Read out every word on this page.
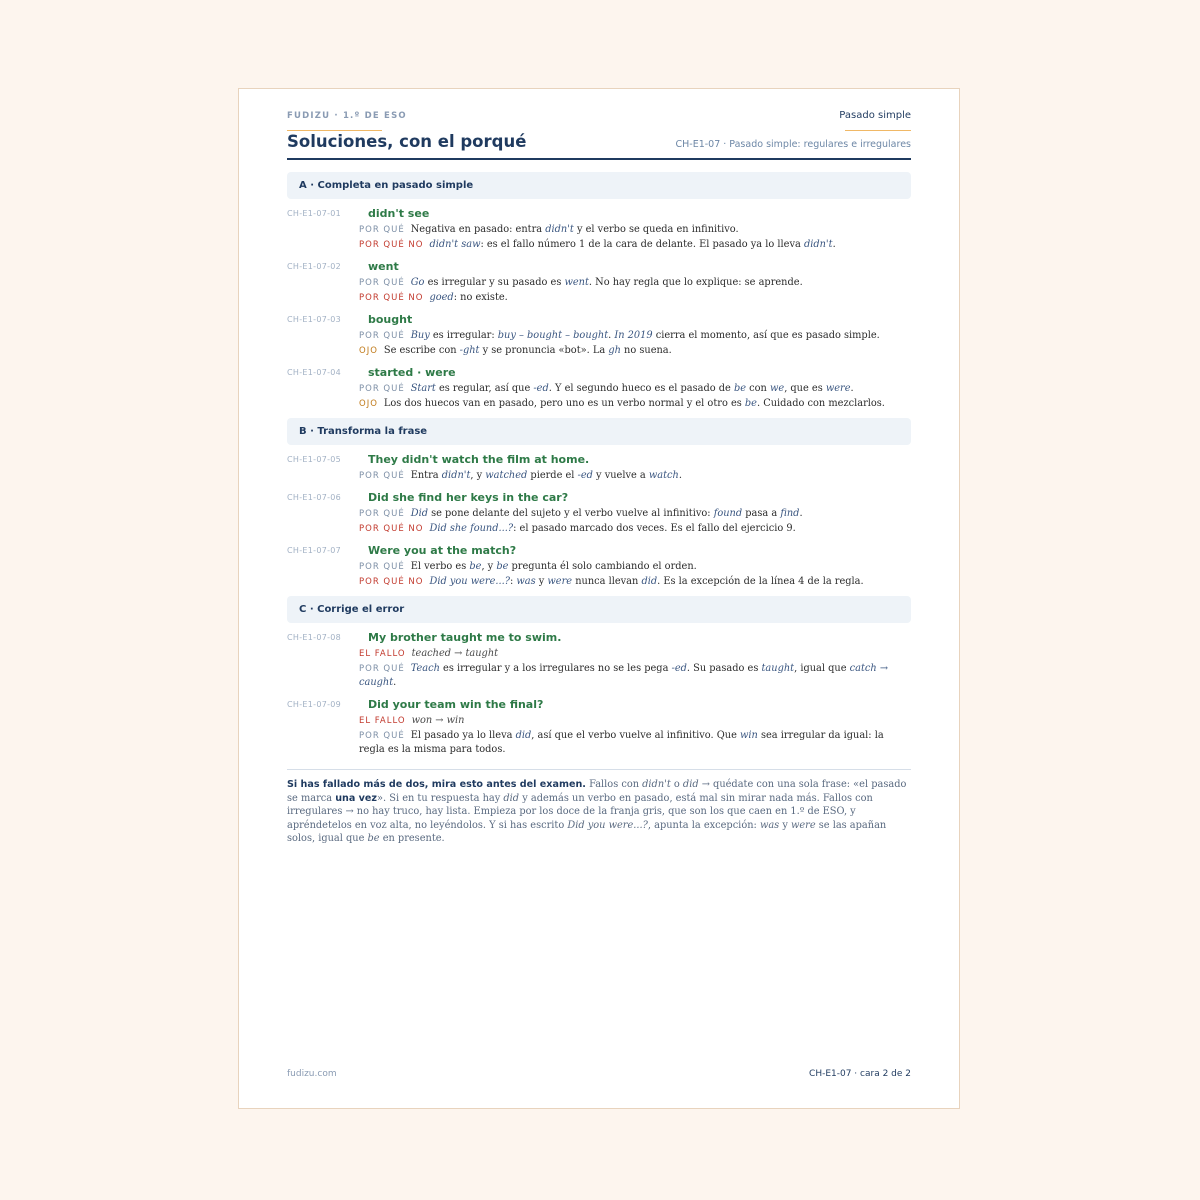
FUDIZU · 1.º DE ESO	Pasado simple
Soluciones, con el porqué	CH-E1-07 · Pasado simple: regulares e irregulares
A · Completa en pasado simple
CH-E1-07-01 didn't see
POR QUÉ Negativa en pasado: entra didn't y el verbo se queda en infinitivo.
POR QUÉ NO didn't saw: es el fallo número 1 de la cara de delante. El pasado ya lo lleva didn't.
CH-E1-07-02 went
POR QUÉ Go es irregular y su pasado es went. No hay regla que lo explique: se aprende.
POR QUÉ NO goed: no existe.
CH-E1-07-03 bought
POR QUÉ Buy es irregular: buy – bought – bought. In 2019 cierra el momento, así que es pasado simple.
OJO Se escribe con -ght y se pronuncia «bot». La gh no suena.
CH-E1-07-04 started · were
POR QUÉ Start es regular, así que -ed. Y el segundo hueco es el pasado de be con we, que es were.
OJO Los dos huecos van en pasado, pero uno es un verbo normal y el otro es be. Cuidado con mezclarlos.
B · Transforma la frase
CH-E1-07-05 They didn't watch the film at home.
POR QUÉ Entra didn't, y watched pierde el -ed y vuelve a watch.
CH-E1-07-06 Did she find her keys in the car?
POR QUÉ Did se pone delante del sujeto y el verbo vuelve al infinitivo: found pasa a find.
POR QUÉ NO Did she found...?: el pasado marcado dos veces. Es el fallo del ejercicio 9.
CH-E1-07-07 Were you at the match?
POR QUÉ El verbo es be, y be pregunta él solo cambiando el orden.
POR QUÉ NO Did you were...?: was y were nunca llevan did. Es la excepción de la línea 4 de la regla.
C · Corrige el error
CH-E1-07-08 My brother taught me to swim.
EL FALLO teached → taught
POR QUÉ Teach es irregular y a los irregulares no se les pega -ed. Su pasado es taught, igual que catch → caught.
CH-E1-07-09 Did your team win the final?
EL FALLO won → win
POR QUÉ El pasado ya lo lleva did, así que el verbo vuelve al infinitivo. Que win sea irregular da igual: la regla es la misma para todos.
Si has fallado más de dos, mira esto antes del examen. Fallos con didn't o did → quédate con una sola frase: «el pasado se marca una vez». Si en tu respuesta hay did y además un verbo en pasado, está mal sin mirar nada más. Fallos con irregulares → no hay truco, hay lista. Empieza por los doce de la franja gris, que son los que caen en 1.º de ESO, y apréndetelos en voz alta, no leyéndolos. Y si has escrito Did you were...?, apunta la excepción: was y were se las apañan solos, igual que be en presente.
fudizu.com	CH-E1-07 · cara 2 de 2
